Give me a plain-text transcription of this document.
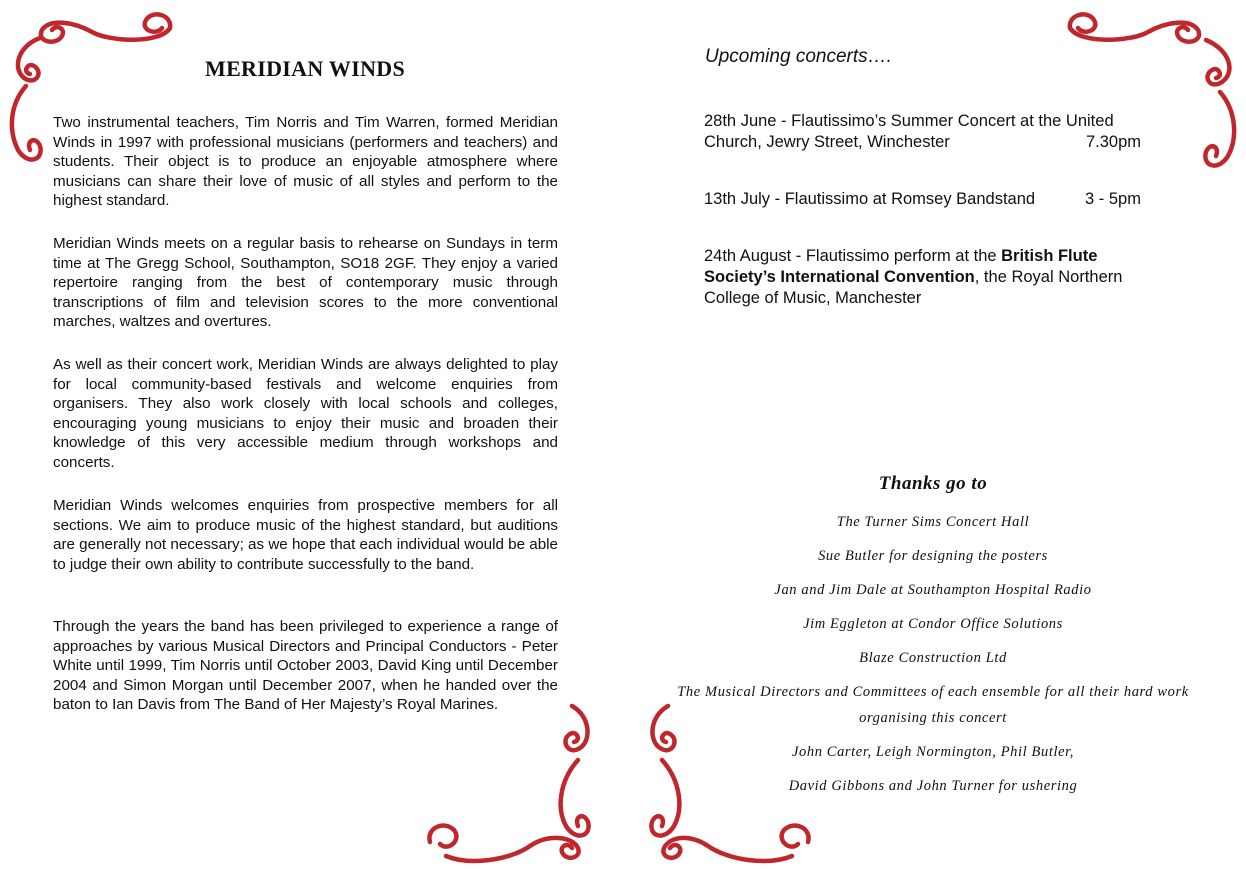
MERIDIAN WINDS

Two instrumental teachers, Tim Norris and Tim Warren, formed Meridian Winds in 1997 with professional musicians (performers and teachers) and students. Their object is to produce an enjoyable atmosphere where musicians can share their love of music of all styles and perform to the highest standard.

Meridian Winds meets on a regular basis to rehearse on Sundays in term time at The Gregg School, Southampton, SO18 2GF. They enjoy a varied repertoire ranging from the best of contemporary music through transcriptions of film and television scores to the more conventional marches, waltzes and overtures.

As well as their concert work, Meridian Winds are always delighted to play for local community-based festivals and welcome enquiries from organisers. They also work closely with local schools and colleges, encouraging young musicians to enjoy their music and broaden their knowledge of this very accessible medium through workshops and concerts.

Meridian Winds welcomes enquiries from prospective members for all sections. We aim to produce music of the highest standard, but auditions are generally not necessary; as we hope that each individual would be able to judge their own ability to contribute successfully to the band.

Through the years the band has been privileged to experience a range of approaches by various Musical Directors and Principal Conductors - Peter White until 1999, Tim Norris until October 2003, David King until December 2004 and Simon Morgan until December 2007, when he handed over the baton to Ian Davis from The Band of Her Majesty’s Royal Marines.

Upcoming concerts….
28th June - Flautissimo’s Summer Concert at the United
Church, Jewry Street, Winchester	7.30pm
13th July - Flautissimo at Romsey Bandstand	3 - 5pm
24th August - Flautissimo perform at the British Flute
Society’s International Convention, the Royal Northern
College of Music, Manchester
Thanks go to
The Turner Sims Concert Hall
Sue Butler for designing the posters
Jan and Jim Dale at Southampton Hospital Radio
Jim Eggleton at Condor Office Solutions
Blaze Construction Ltd
The Musical Directors and Committees of each ensemble for all their hard work organising this concert
John Carter, Leigh Normington, Phil Butler,
David Gibbons and John Turner for ushering
